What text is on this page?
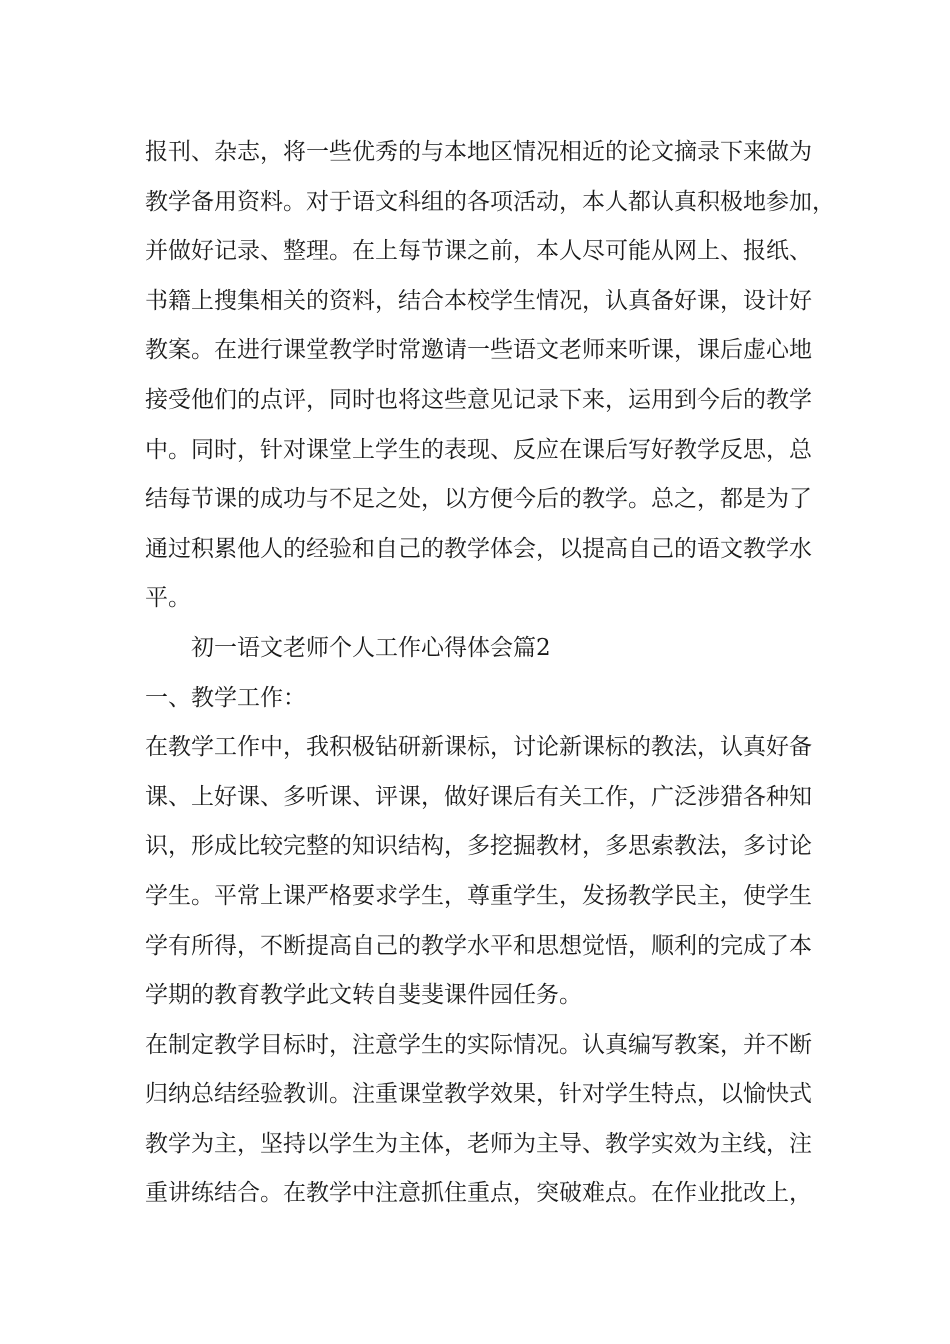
报刊、杂志，将一些优秀的与本地区情况相近的论文摘录下来做为
教学备用资料。对于语文科组的各项活动，本人都认真积极地参加，
并做好记录、整理。在上每节课之前，本人尽可能从网上、报纸、
书籍上搜集相关的资料，结合本校学生情况，认真备好课，设计好
教案。在进行课堂教学时常邀请一些语文老师来听课，课后虚心地
接受他们的点评，同时也将这些意见记录下来，运用到今后的教学
中。同时，针对课堂上学生的表现、反应在课后写好教学反思，总
结每节课的成功与不足之处，以方便今后的教学。总之，都是为了
通过积累他人的经验和自己的教学体会，以提高自己的语文教学水
平。
初一语文老师个人工作心得体会篇2
一、教学工作：
在教学工作中，我积极钻研新课标，讨论新课标的教法，认真好备
课、上好课、多听课、评课，做好课后有关工作，广泛涉猎各种知
识，形成比较完整的知识结构，多挖掘教材，多思索教法，多讨论
学生。平常上课严格要求学生，尊重学生，发扬教学民主，使学生
学有所得，不断提高自己的教学水平和思想觉悟，顺利的完成了本
学期的教育教学此文转自斐斐课件园任务。
在制定教学目标时，注意学生的实际情况。认真编写教案，并不断
归纳总结经验教训。注重课堂教学效果，针对学生特点，以愉快式
教学为主，坚持以学生为主体，老师为主导、教学实效为主线，注
重讲练结合。在教学中注意抓住重点，突破难点。在作业批改上，
